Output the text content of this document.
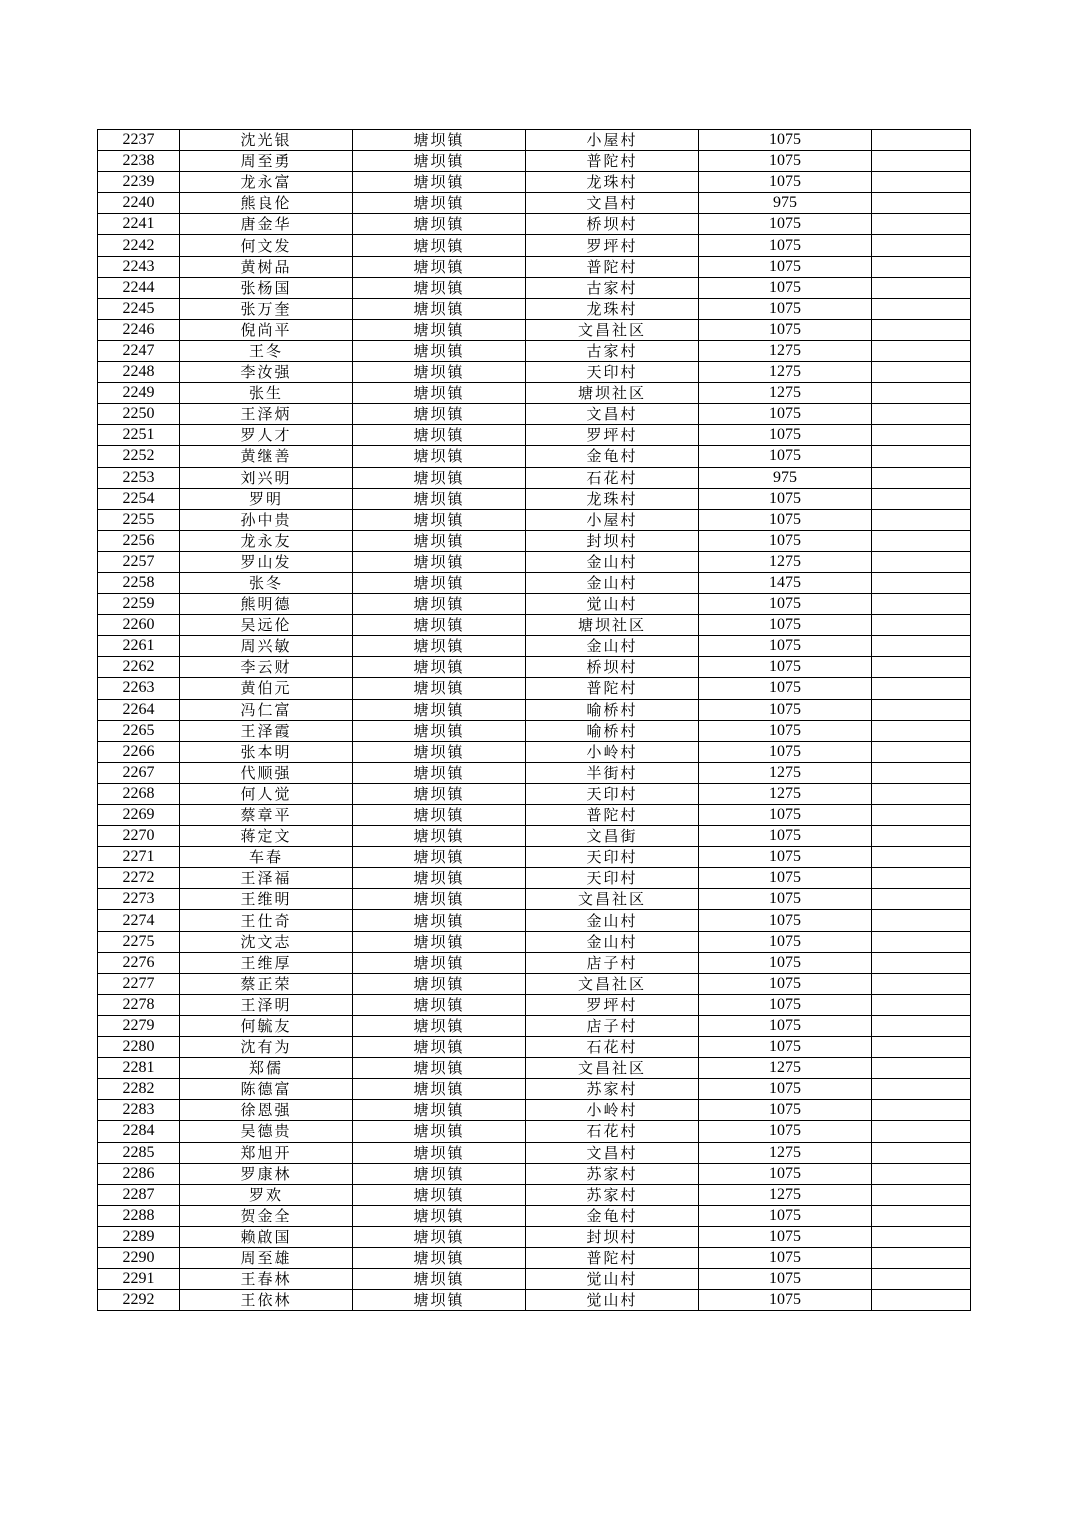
2237	沈光银	塘坝镇	小屋村	1075	
2238	周至勇	塘坝镇	普陀村	1075	
2239	龙永富	塘坝镇	龙珠村	1075	
2240	熊良伦	塘坝镇	文昌村	975	
2241	唐金华	塘坝镇	桥坝村	1075	
2242	何文发	塘坝镇	罗坪村	1075	
2243	黄树品	塘坝镇	普陀村	1075	
2244	张杨国	塘坝镇	古家村	1075	
2245	张万奎	塘坝镇	龙珠村	1075	
2246	倪尚平	塘坝镇	文昌社区	1075	
2247	王冬	塘坝镇	古家村	1275	
2248	李汝强	塘坝镇	天印村	1275	
2249	张生	塘坝镇	塘坝社区	1275	
2250	王泽炳	塘坝镇	文昌村	1075	
2251	罗人才	塘坝镇	罗坪村	1075	
2252	黄继善	塘坝镇	金龟村	1075	
2253	刘兴明	塘坝镇	石花村	975	
2254	罗明	塘坝镇	龙珠村	1075	
2255	孙中贵	塘坝镇	小屋村	1075	
2256	龙永友	塘坝镇	封坝村	1075	
2257	罗山发	塘坝镇	金山村	1275	
2258	张冬	塘坝镇	金山村	1475	
2259	熊明德	塘坝镇	觉山村	1075	
2260	吴远伦	塘坝镇	塘坝社区	1075	
2261	周兴敏	塘坝镇	金山村	1075	
2262	李云财	塘坝镇	桥坝村	1075	
2263	黄伯元	塘坝镇	普陀村	1075	
2264	冯仁富	塘坝镇	喻桥村	1075	
2265	王泽霞	塘坝镇	喻桥村	1075	
2266	张本明	塘坝镇	小岭村	1075	
2267	代顺强	塘坝镇	半街村	1275	
2268	何人觉	塘坝镇	天印村	1275	
2269	蔡章平	塘坝镇	普陀村	1075	
2270	蒋定文	塘坝镇	文昌街	1075	
2271	车春	塘坝镇	天印村	1075	
2272	王泽福	塘坝镇	天印村	1075	
2273	王维明	塘坝镇	文昌社区	1075	
2274	王仕奇	塘坝镇	金山村	1075	
2275	沈文志	塘坝镇	金山村	1075	
2276	王维厚	塘坝镇	店子村	1075	
2277	蔡正荣	塘坝镇	文昌社区	1075	
2278	王泽明	塘坝镇	罗坪村	1075	
2279	何毓友	塘坝镇	店子村	1075	
2280	沈有为	塘坝镇	石花村	1075	
2281	郑儒	塘坝镇	文昌社区	1275	
2282	陈德富	塘坝镇	苏家村	1075	
2283	徐恩强	塘坝镇	小岭村	1075	
2284	吴德贵	塘坝镇	石花村	1075	
2285	郑旭开	塘坝镇	文昌村	1275	
2286	罗康林	塘坝镇	苏家村	1075	
2287	罗欢	塘坝镇	苏家村	1275	
2288	贺金全	塘坝镇	金龟村	1075	
2289	赖啟国	塘坝镇	封坝村	1075	
2290	周至雄	塘坝镇	普陀村	1075	
2291	王春林	塘坝镇	觉山村	1075	
2292	王依林	塘坝镇	觉山村	1075	
